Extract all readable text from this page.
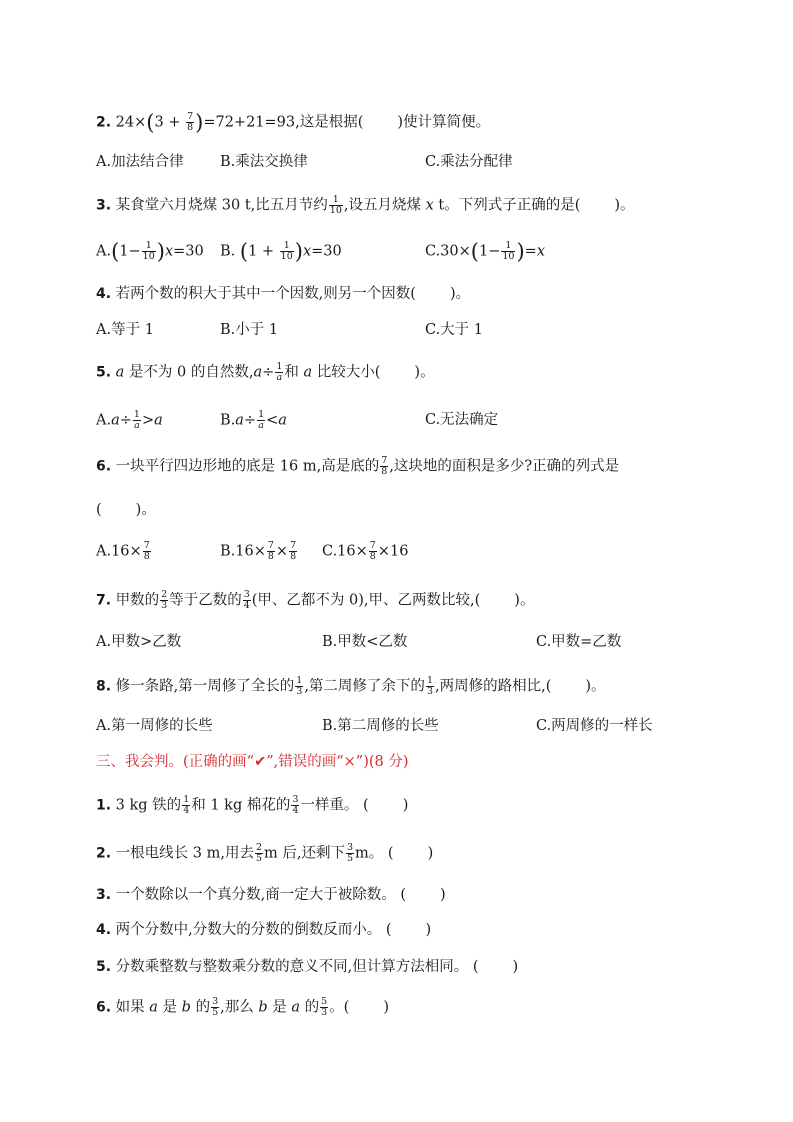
2. $24\times(3 + \frac{7}{8} )=72+21=93$,这是根据( )使计算简便。
A.加法结合律	B.乘法交换律	C.乘法分配律
3. 某食堂六月烧煤 30 t,比五月节约 $\frac{1}{10}$ ,设五月烧煤 x t。下列式子正确的是( )。
$A.(1- \frac{1}{10} )x=30$ B. $(1 + \frac{1}{10} )x=30$	$C.30\times(1- \frac{1}{10} )=x$
4. 若两个数的积大于其中一个因数,则另一个因数( )。
A.等于 1	B.小于 1	C.大于 1
5. a 是不为 0 的自然数$,a\div \frac{1}{a}$ 和 a 比较大小( )。
$A.a\div \frac{1}{a} >a$	$B.a\div \frac{1}{a} <a$	C.无法确定
6. 一块平行四边形地的底是 16 m,高是底的 $\frac{7}{8}$ ,这块地的面积是多少?正确的列式是
( )。
$A.16\times \frac{7}{8}$	$B.16\times \frac{7}{8} \times \frac{7}{8} C.16\times \frac{7}{8} \times 16$
7. 甲数的 $\frac{2}{3}$ 等于乙数的 $\frac{3}{4}$ (甲、乙都不为 0),甲、乙两数比较,( )。
A.甲数>乙数	B.甲数<乙数	C.甲数=乙数
8. 修一条路,第一周修了全长的 $\frac{1}{3}$ ,第二周修了余下的 $\frac{1}{3}$ ,两周修的路相比,( )。
A.第一周修的长些	B.第二周修的长些	C.两周修的一样长
三、我会判。(正确的画“✔”,错误的画“×”)(8 分)
1. 3 kg 铁的 $\frac{1}{4}$ 和 1 kg 棉花的 $\frac{3}{4}$ 一样重。 ( )
2. 一根电线长 3 m,用去 $\frac{2}{5}$ m 后,还剩下 $\frac{3}{5}$ m。 ( )
3. 一个数除以一个真分数,商一定大于被除数。 ( )
4. 两个分数中,分数大的分数的倒数反而小。 ( )
5. 分数乘整数与整数乘分数的意义不同,但计算方法相同。 ( )
6. 如果 a 是 b 的 $\frac{3}{5}$ ,那么 b 是 a 的 $\frac{5}{3}$ 。( )
